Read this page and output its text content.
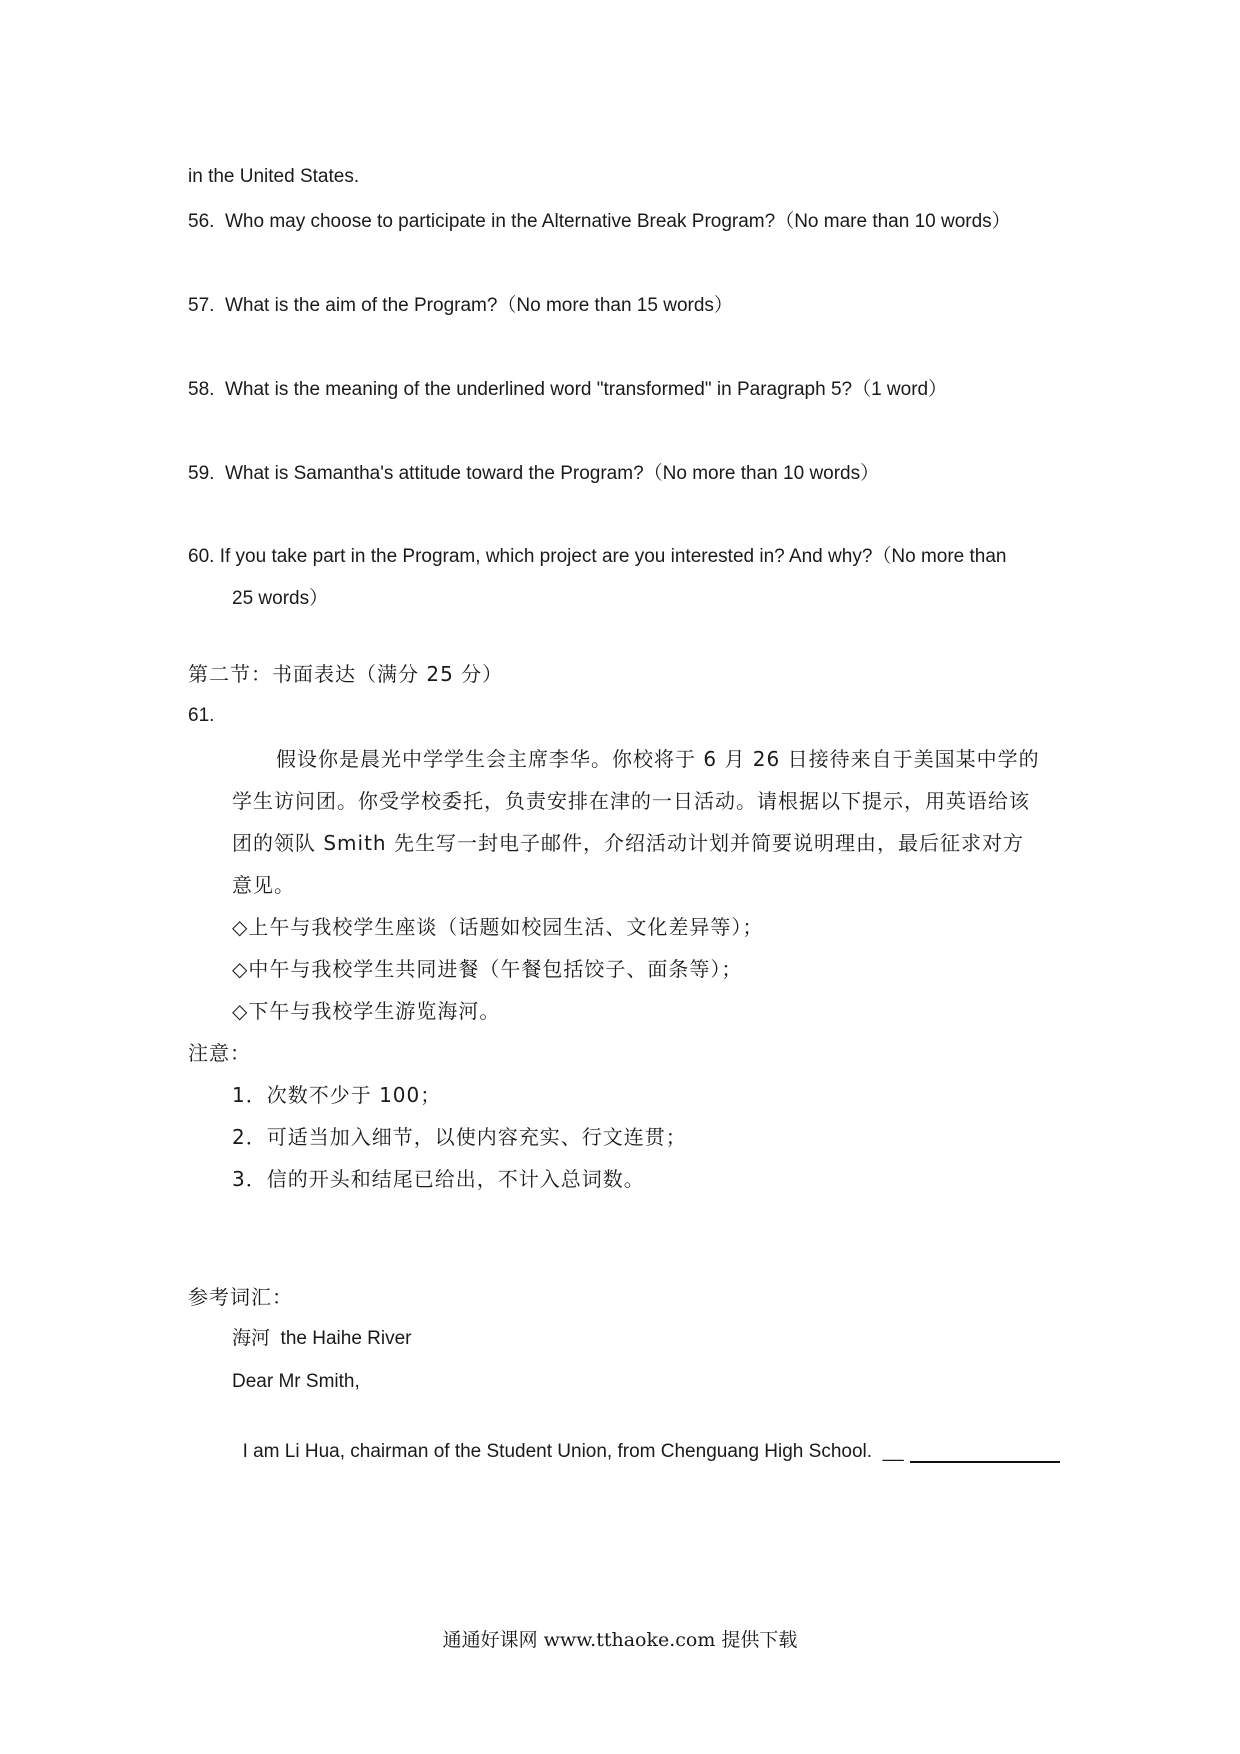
in the United States.
56.  Who may choose to participate in the Alternative Break Program?（No mare than 10 words）
57.  What is the aim of the Program?（No more than 15 words）
58.  What is the meaning of the underlined word "transformed" in Paragraph 5?（1 word）
59.  What is Samantha's attitude toward the Program?（No more than 10 words）
60. If you take part in the Program, which project are you interested in? And why?（No more than
25 words）
第二节：书面表达（满分 25 分）
61.
假设你是晨光中学学生会主席李华。你校将于 6 月 26 日接待来自于美国某中学的
学生访问团。你受学校委托，负责安排在津的一日活动。请根据以下提示，用英语给该
团的领队 Smith 先生写一封电子邮件，介绍活动计划并简要说明理由，最后征求对方
意见。
◇上午与我校学生座谈（话题如校园生活、文化差异等）；
◇中午与我校学生共同进餐（午餐包括饺子、面条等）；
◇下午与我校学生游览海河。
注意：
1．次数不少于 100；
2．可适当加入细节，以使内容充实、行文连贯；
3．信的开头和结尾已给出，不计入总词数。
参考词汇：
海河  the Haihe River
Dear Mr Smith,

I am Li Hua, chairman of the Student Union, from Chenguang High School.  __

通通好课网 www.tthaoke.com 提供下载
